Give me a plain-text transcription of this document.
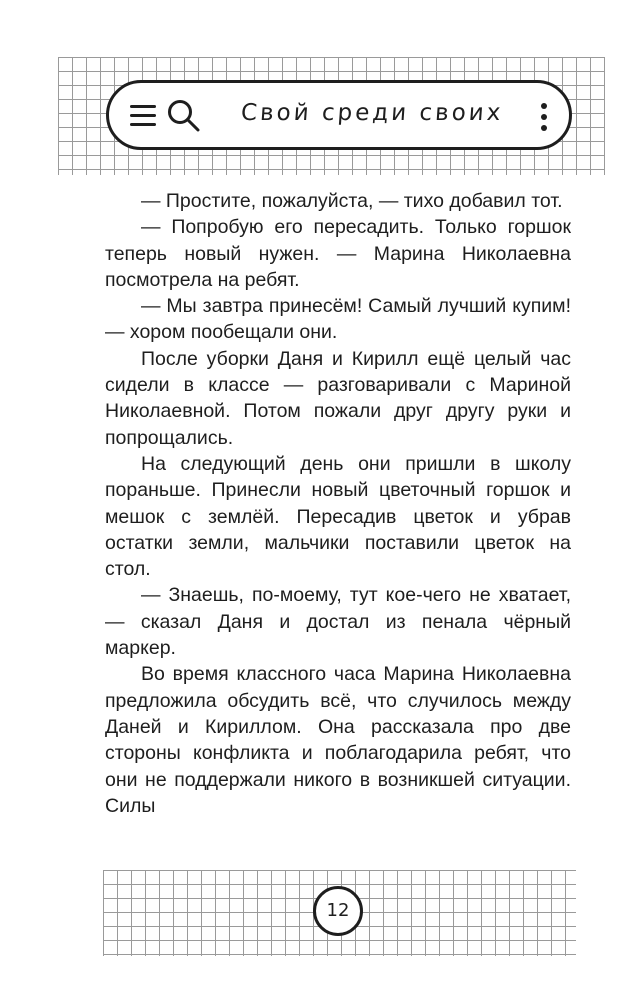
Свой среди своих

— Простите, пожалуйста, — тихо добавил тот.

— Попробую его пересадить. Только горшок теперь новый нужен. — Марина Николаевна посмотрела на ребят.

— Мы завтра принесём! Самый лучший купим! — хором пообещали они.

После уборки Даня и Кирилл ещё целый час сидели в классе — разговаривали с Мариной Николаевной. Потом пожали друг другу руки и попрощались.

На следующий день они пришли в школу пораньше. Принесли новый цветочный горшок и мешок с землёй. Пересадив цветок и убрав остатки земли, мальчики поставили цветок на стол.

— Знаешь, по-моему, тут кое-чего не хватает, — сказал Даня и достал из пенала чёрный маркер.

Во время классного часа Марина Николаевна предложила обсудить всё, что случилось между Даней и Кириллом. Она рассказала про две стороны конфликта и поблагодарила ребят, что они не поддержали никого в возникшей ситуации. Силы

12
